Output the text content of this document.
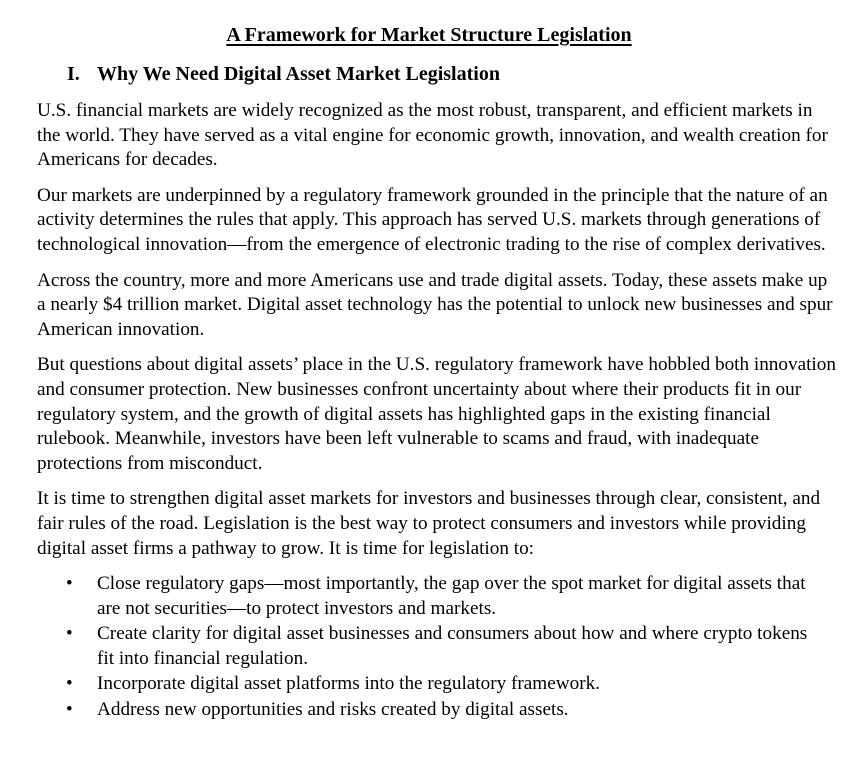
A Framework for Market Structure Legislation
I. Why We Need Digital Asset Market Legislation

U.S. financial markets are widely recognized as the most robust, transparent, and efficient markets in the world. They have served as a vital engine for economic growth, innovation, and wealth creation for Americans for decades.

Our markets are underpinned by a regulatory framework grounded in the principle that the nature of an activity determines the rules that apply. This approach has served U.S. markets through generations of technological innovation—from the emergence of electronic trading to the rise of complex derivatives.

Across the country, more and more Americans use and trade digital assets. Today, these assets make up a nearly $4 trillion market. Digital asset technology has the potential to unlock new businesses and spur American innovation.

But questions about digital assets’ place in the U.S. regulatory framework have hobbled both innovation and consumer protection. New businesses confront uncertainty about where their products fit in our regulatory system, and the growth of digital assets has highlighted gaps in the existing financial rulebook. Meanwhile, investors have been left vulnerable to scams and fraud, with inadequate protections from misconduct.

It is time to strengthen digital asset markets for investors and businesses through clear, consistent, and fair rules of the road. Legislation is the best way to protect consumers and investors while providing digital asset firms a pathway to grow. It is time for legislation to:

• Close regulatory gaps—most importantly, the gap over the spot market for digital assets that are not securities—to protect investors and markets.
• Create clarity for digital asset businesses and consumers about how and where crypto tokens fit into financial regulation.
• Incorporate digital asset platforms into the regulatory framework.
• Address new opportunities and risks created by digital assets.
